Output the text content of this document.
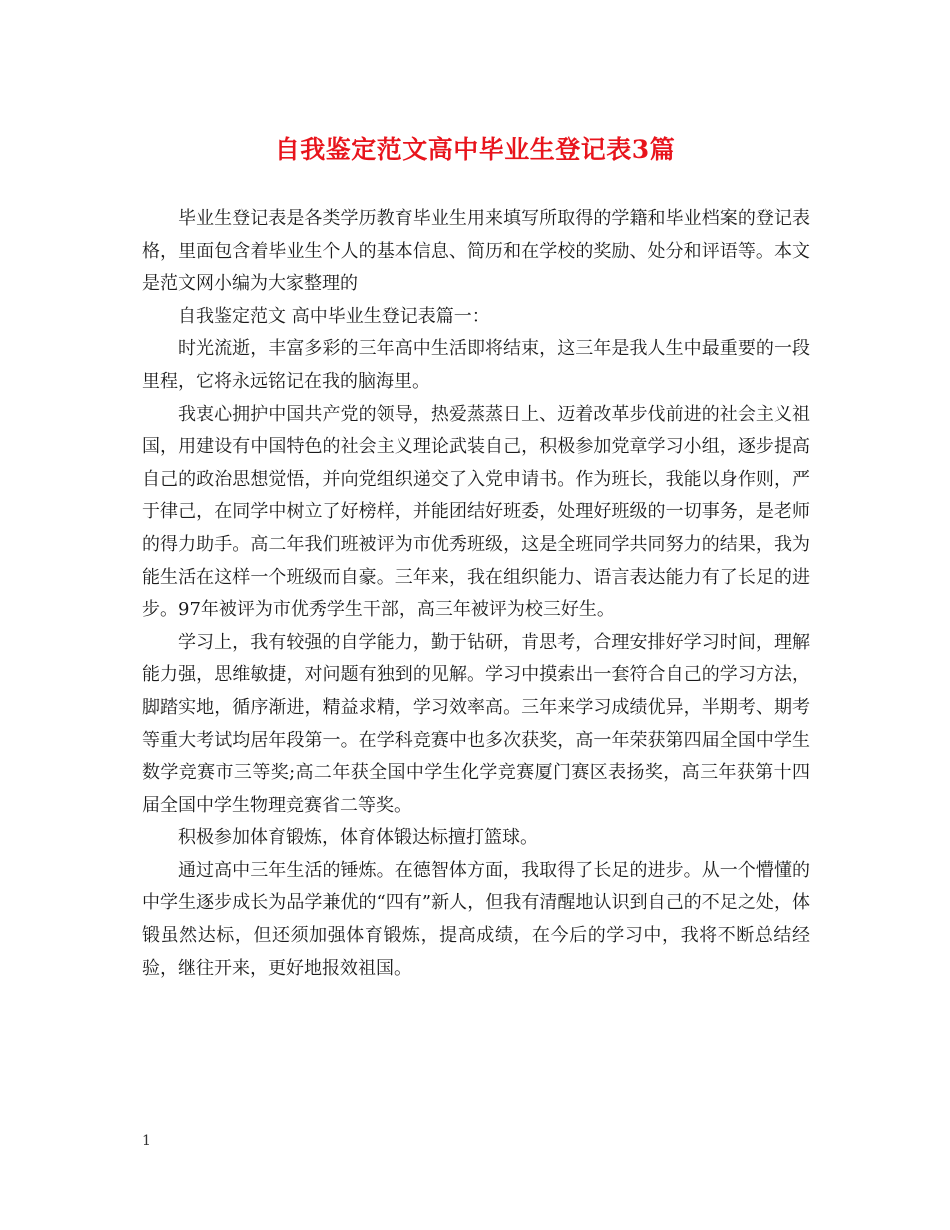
自我鉴定范文高中毕业生登记表3篇

毕业生登记表是各类学历教育毕业生用来填写所取得的学籍和毕业档案的登记表格，里面包含着毕业生个人的基本信息、简历和在学校的奖励、处分和评语等。本文是范文网小编为大家整理的

自我鉴定范文 高中毕业生登记表篇一：

时光流逝，丰富多彩的三年高中生活即将结束，这三年是我人生中最重要的一段里程，它将永远铭记在我的脑海里。

我衷心拥护中国共产党的领导，热爱蒸蒸日上、迈着改革步伐前进的社会主义祖国，用建设有中国特色的社会主义理论武装自己，积极参加党章学习小组，逐步提高自己的政治思想觉悟，并向党组织递交了入党申请书。作为班长，我能以身作则，严于律己，在同学中树立了好榜样，并能团结好班委，处理好班级的一切事务，是老师的得力助手。高二年我们班被评为市优秀班级，这是全班同学共同努力的结果，我为能生活在这样一个班级而自豪。三年来，我在组织能力、语言表达能力有了长足的进步。97年被评为市优秀学生干部，高三年被评为校三好生。

学习上，我有较强的自学能力，勤于钻研，肯思考，合理安排好学习时间，理解能力强，思维敏捷，对问题有独到的见解。学习中摸索出一套符合自己的学习方法，脚踏实地，循序渐进，精益求精，学习效率高。三年来学习成绩优异，半期考、期考等重大考试均居年段第一。在学科竞赛中也多次获奖，高一年荣获第四届全国中学生数学竞赛市三等奖;高二年获全国中学生化学竞赛厦门赛区表扬奖，高三年获第十四届全国中学生物理竞赛省二等奖。

积极参加体育锻炼，体育体锻达标擅打篮球。

通过高中三年生活的锤炼。在德智体方面，我取得了长足的进步。从一个懵懂的中学生逐步成长为品学兼优的“四有”新人，但我有清醒地认识到自己的不足之处，体锻虽然达标，但还须加强体育锻炼，提高成绩，在今后的学习中，我将不断总结经验，继往开来，更好地报效祖国。

1
